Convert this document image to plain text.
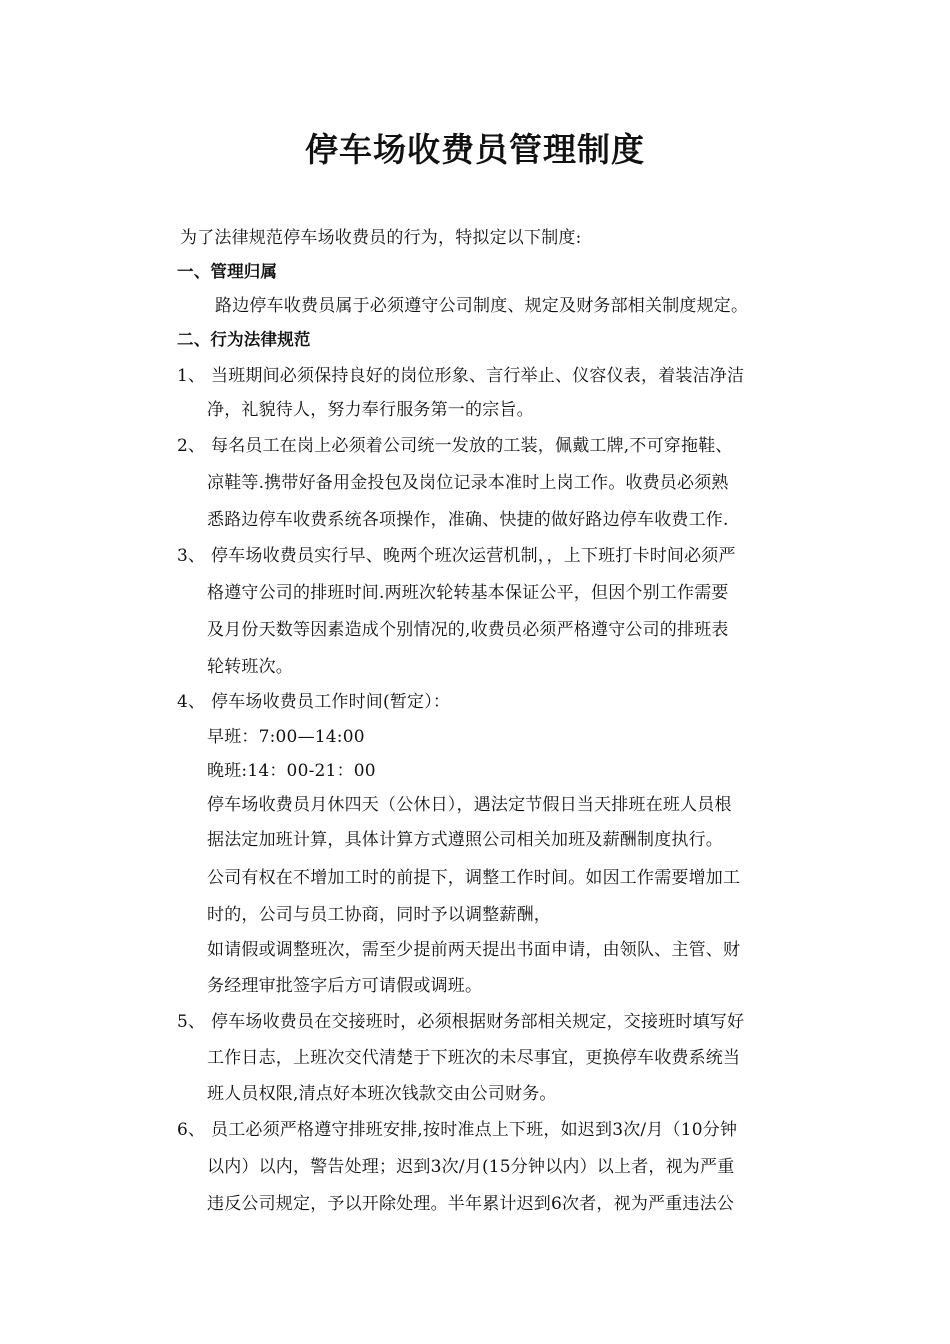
停车场收费员管理制度
为了法律规范停车场收费员的行为，特拟定以下制度:
一、管理归属
路边停车收费员属于必须遵守公司制度、规定及财务部相关制度规定。
二、行为法律规范
1、 当班期间必须保持良好的岗位形象、言行举止、仪容仪表，着装洁净洁
净，礼貌待人，努力奉行服务第一的宗旨。
2、 每名员工在岗上必须着公司统一发放的工装，佩戴工牌,不可穿拖鞋、
凉鞋等.携带好备用金投包及岗位记录本准时上岗工作。收费员必须熟
悉路边停车收费系统各项操作，准确、快捷的做好路边停车收费工作.
3、 停车场收费员实行早、晚两个班次运营机制，，上下班打卡时间必须严
格遵守公司的排班时间.两班次轮转基本保证公平，但因个别工作需要
及月份天数等因素造成个别情况的,收费员必须严格遵守公司的排班表
轮转班次。
4、 停车场收费员工作时间(暂定）：
早班：7:00—14:00
晚班:14：00-21：00
停车场收费员月休四天（公休日），遇法定节假日当天排班在班人员根
据法定加班计算，具体计算方式遵照公司相关加班及薪酬制度执行。
公司有权在不增加工时的前提下，调整工作时间。如因工作需要增加工
时的，公司与员工协商，同时予以调整薪酬，
如请假或调整班次，需至少提前两天提出书面申请，由领队、主管、财
务经理审批签字后方可请假或调班。
5、 停车场收费员在交接班时，必须根据财务部相关规定，交接班时填写好
工作日志，上班次交代清楚于下班次的未尽事宜，更换停车收费系统当
班人员权限,清点好本班次钱款交由公司财务。
6、 员工必须严格遵守排班安排,按时准点上下班，如迟到3次/月（10分钟
以内）以内，警告处理；迟到3次/月(15分钟以内）以上者，视为严重
违反公司规定，予以开除处理。半年累计迟到6次者，视为严重违法公
